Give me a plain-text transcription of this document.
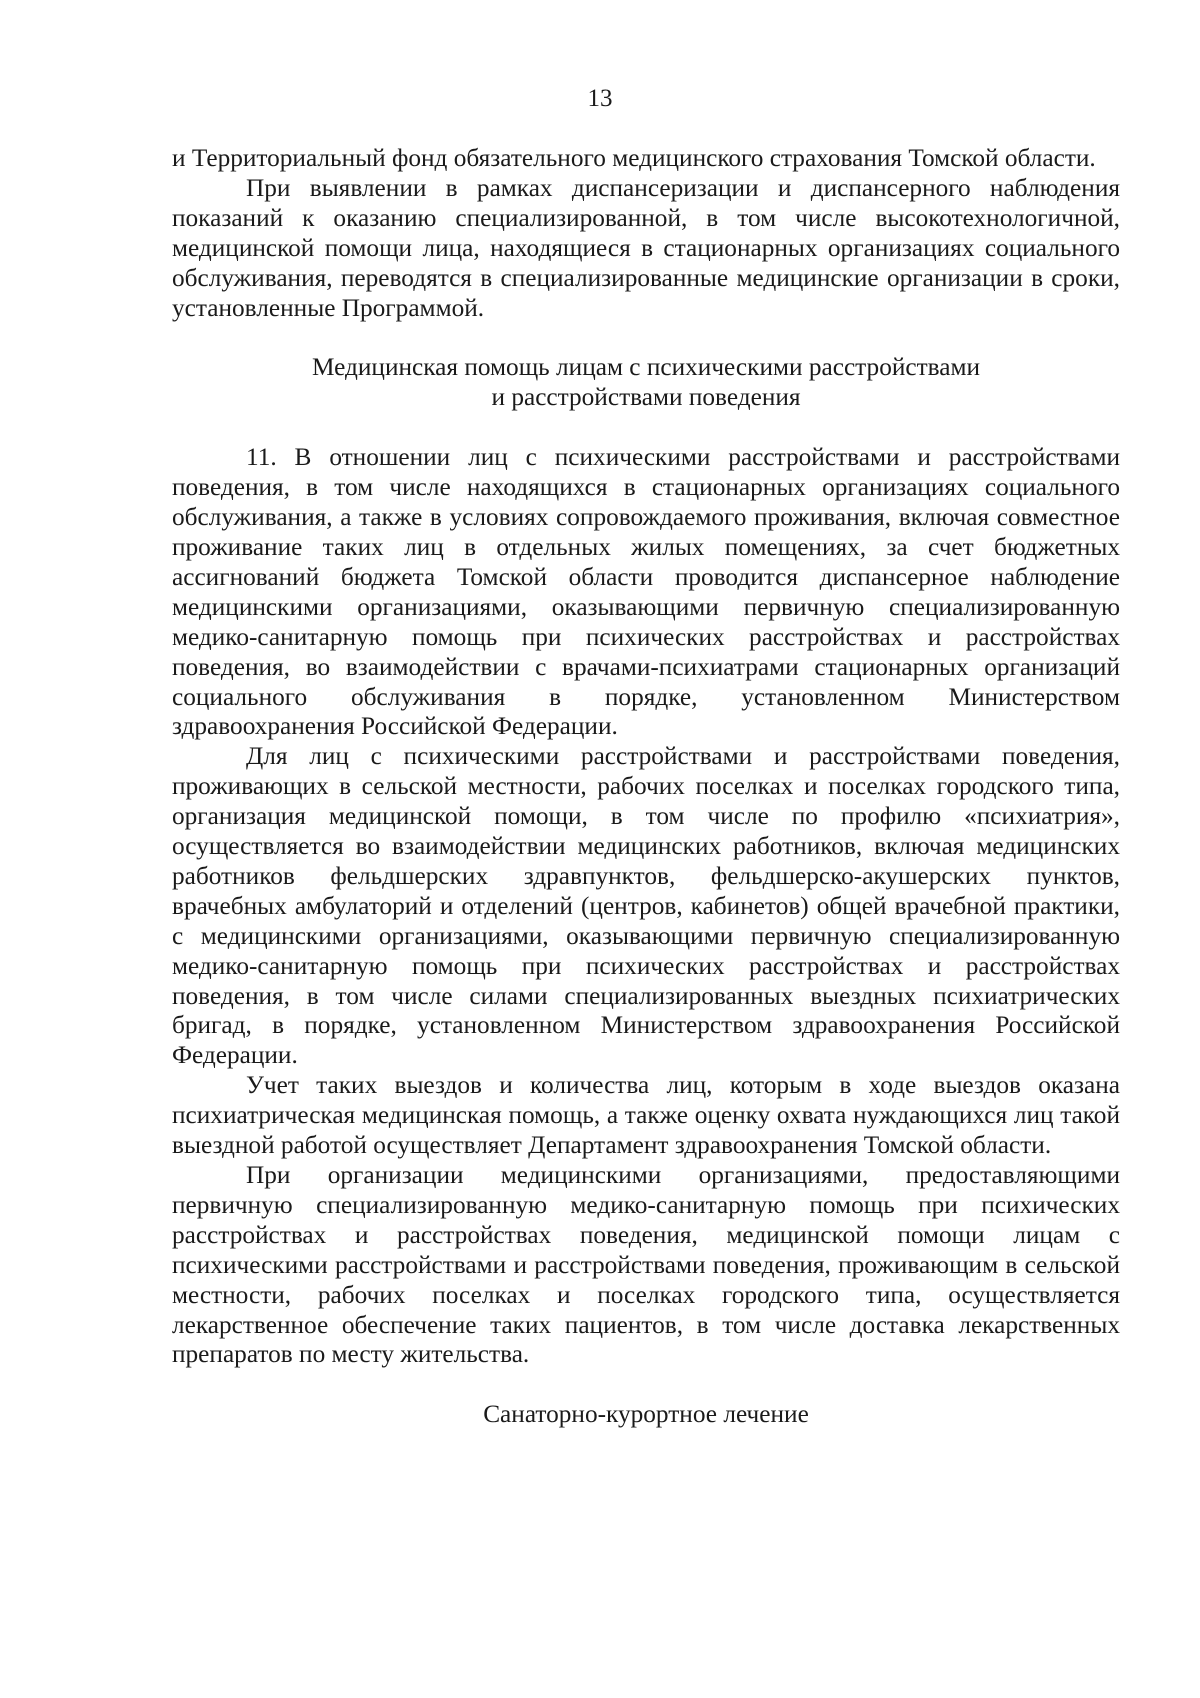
13

и Территориальный фонд обязательного медицинского страхования Томской области.

При выявлении в рамках диспансеризации и диспансерного наблюдения показаний к оказанию специализированной, в том числе высокотехнологичной, медицинской помощи лица, находящиеся в стационарных организациях социального обслуживания, переводятся в специализированные медицинские организации в сроки, установленные Программой.

Медицинская помощь лицам с психическими расстройствами

и расстройствами поведения

11. В отношении лиц с психическими расстройствами и расстройствами поведения, в том числе находящихся в стационарных организациях социального обслуживания, а также в условиях сопровождаемого проживания, включая совместное проживание таких лиц в отдельных жилых помещениях, за счет бюджетных ассигнований бюджета Томской области проводится диспансерное наблюдение медицинскими организациями, оказывающими первичную специализированную медико-санитарную помощь при психических расстройствах и расстройствах поведения, во взаимодействии с врачами-психиатрами стационарных организаций социального обслуживания в порядке, установленном Министерством здравоохранения Российской Федерации.

Для лиц с психическими расстройствами и расстройствами поведения, проживающих в сельской местности, рабочих поселках и поселках городского типа, организация медицинской помощи, в том числе по профилю «психиатрия», осуществляется во взаимодействии медицинских работников, включая медицинских работников фельдшерских здравпунктов, фельдшерско-акушерских пунктов, врачебных амбулаторий и отделений (центров, кабинетов) общей врачебной практики, с медицинскими организациями, оказывающими первичную специализированную медико-санитарную помощь при психических расстройствах и расстройствах поведения, в том числе силами специализированных выездных психиатрических бригад, в порядке, установленном Министерством здравоохранения Российской Федерации.

Учет таких выездов и количества лиц, которым в ходе выездов оказана психиатрическая медицинская помощь, а также оценку охвата нуждающихся лиц такой выездной работой осуществляет Департамент здравоохранения Томской области.

При организации медицинскими организациями, предоставляющими первичную специализированную медико-санитарную помощь при психических расстройствах и расстройствах поведения, медицинской помощи лицам с психическими расстройствами и расстройствами поведения, проживающим в сельской местности, рабочих поселках и поселках городского типа, осуществляется лекарственное обеспечение таких пациентов, в том числе доставка лекарственных препаратов по месту жительства.

Санаторно-курортное лечение
